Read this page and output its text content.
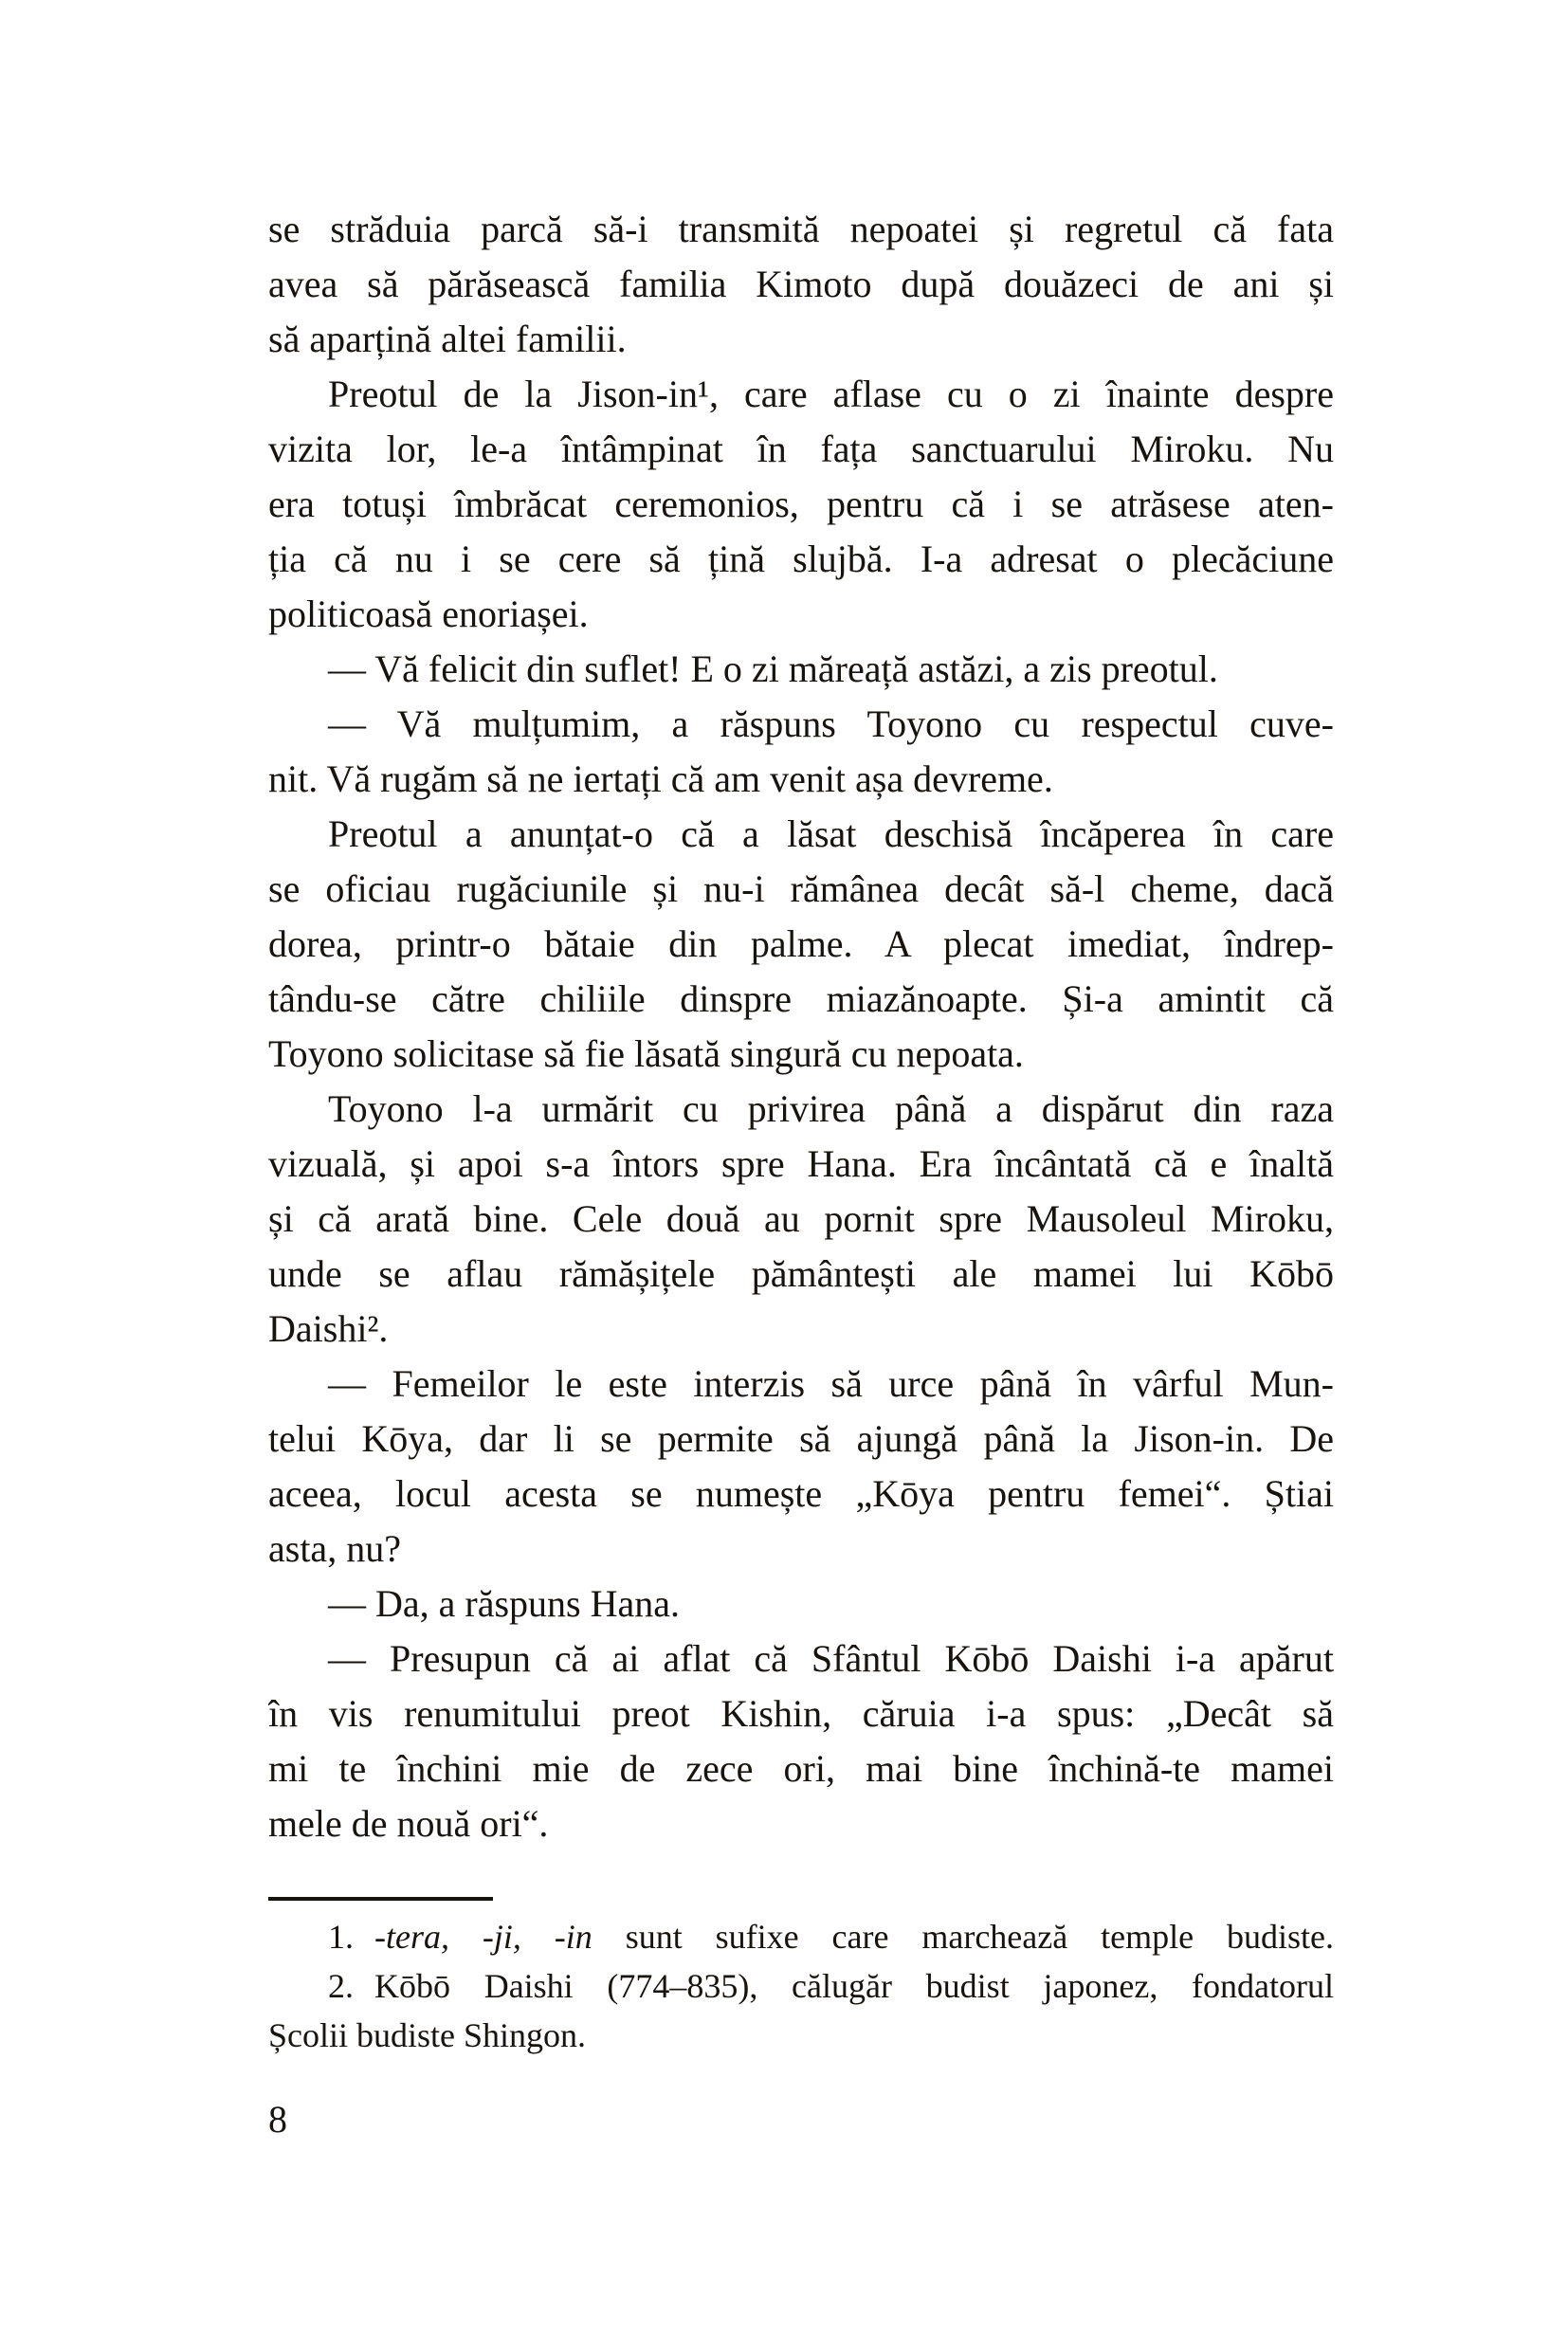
se străduia parcă să-i transmită nepoatei și regretul că fata
avea să părăsească familia Kimoto după douăzeci de ani și
să aparțină altei familii.
Preotul de la Jison-in¹, care aflase cu o zi înainte despre
vizita lor, le-a întâmpinat în fața sanctuarului Miroku. Nu
era totuși îmbrăcat ceremonios, pentru că i se atrăsese aten-
ția că nu i se cere să țină slujbă. I-a adresat o plecăciune
politicoasă enoriașei.
— Vă felicit din suflet! E o zi măreață astăzi, a zis preotul.
— Vă mulțumim, a răspuns Toyono cu respectul cuve-
nit. Vă rugăm să ne iertați că am venit așa devreme.
Preotul a anunțat-o că a lăsat deschisă încăperea în care
se oficiau rugăciunile și nu-i rămânea decât să-l cheme, dacă
dorea, printr-o bătaie din palme. A plecat imediat, îndrep-
tându-se către chiliile dinspre miazănoapte. Și-a amintit că
Toyono solicitase să fie lăsată singură cu nepoata.
Toyono l-a urmărit cu privirea până a dispărut din raza
vizuală, și apoi s-a întors spre Hana. Era încântată că e înaltă
și că arată bine. Cele două au pornit spre Mausoleul Miroku,
unde se aflau rămășițele pământești ale mamei lui Kōbō
Daishi².
— Femeilor le este interzis să urce până în vârful Mun-
telui Kōya, dar li se permite să ajungă până la Jison-in. De
aceea, locul acesta se numește „Kōya pentru femei“. Știai
asta, nu?
— Da, a răspuns Hana.
— Presupun că ai aflat că Sfântul Kōbō Daishi i-a apărut
în vis renumitului preot Kishin, căruia i-a spus: „Decât să
mi te închini mie de zece ori, mai bine închină-te mamei
mele de nouă ori“.
1. -tera, -ji, -in sunt sufixe care marchează temple budiste.
2. Kōbō Daishi (774–835), călugăr budist japonez, fondatorul
Școlii budiste Shingon.
8
